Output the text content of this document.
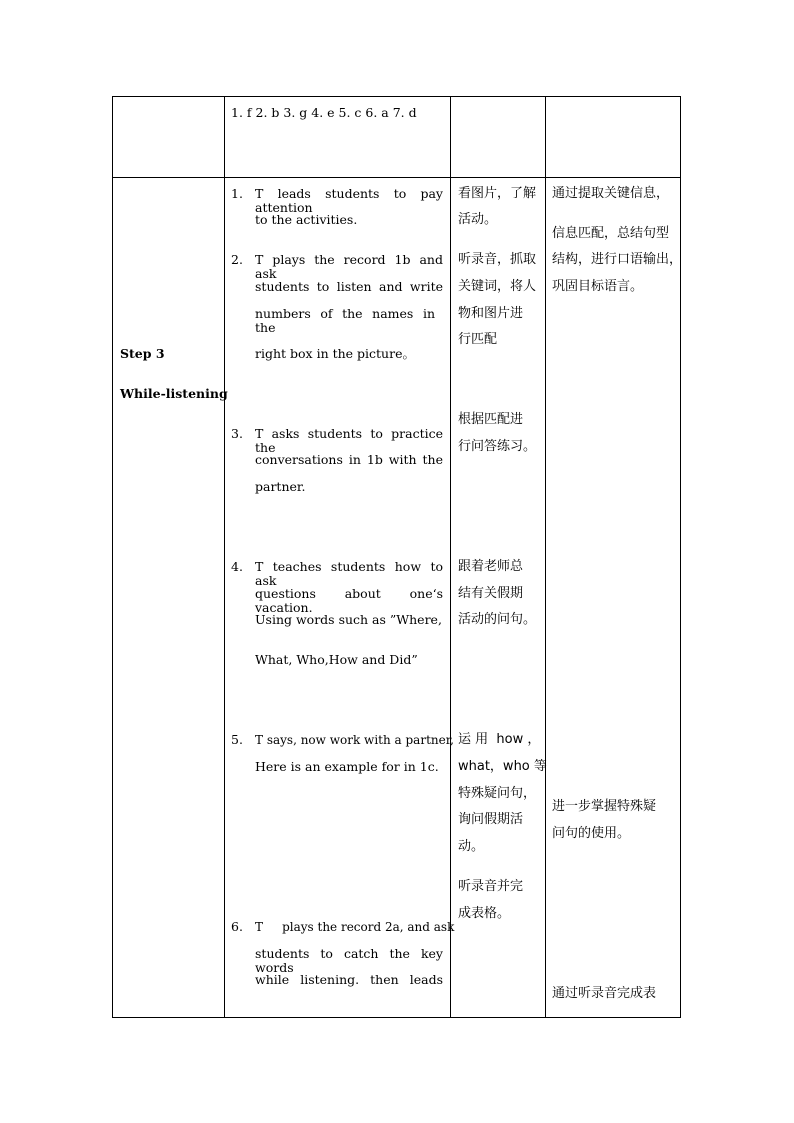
1. f 2. b 3. g 4. e 5. c 6. a 7. d
Step 3
While-listening
1. T leads students to pay attention
to the activities.
2. T plays the record 1b and ask
students to listen and write
numbers of the names in the
right box in the picture。
3. T asks students to practice the
conversations in 1b with the
partner.
4. T teaches students how to ask
questions about one‘s vacation.
Using words such as ”Where,
What, Who,How and Did”
5. T says, now work with a partner,
Here is an example for in 1c.
6. T     plays the record 2a, and ask
students to catch the key words
while listening. then leads
看图片，了解
活动。
听录音，抓取
关键词，将人
物和图片进
行匹配
根据匹配进
行问答练习。
跟着老师总
结有关假期
活动的问句。
运 用  how ，
what，who 等
特殊疑问句，
询问假期活
动。
听录音并完
成表格。
通过提取关键信息，
信息匹配，总结句型
结构，进行口语输出，
巩固目标语言。
进一步掌握特殊疑
问句的使用。
通过听录音完成表
